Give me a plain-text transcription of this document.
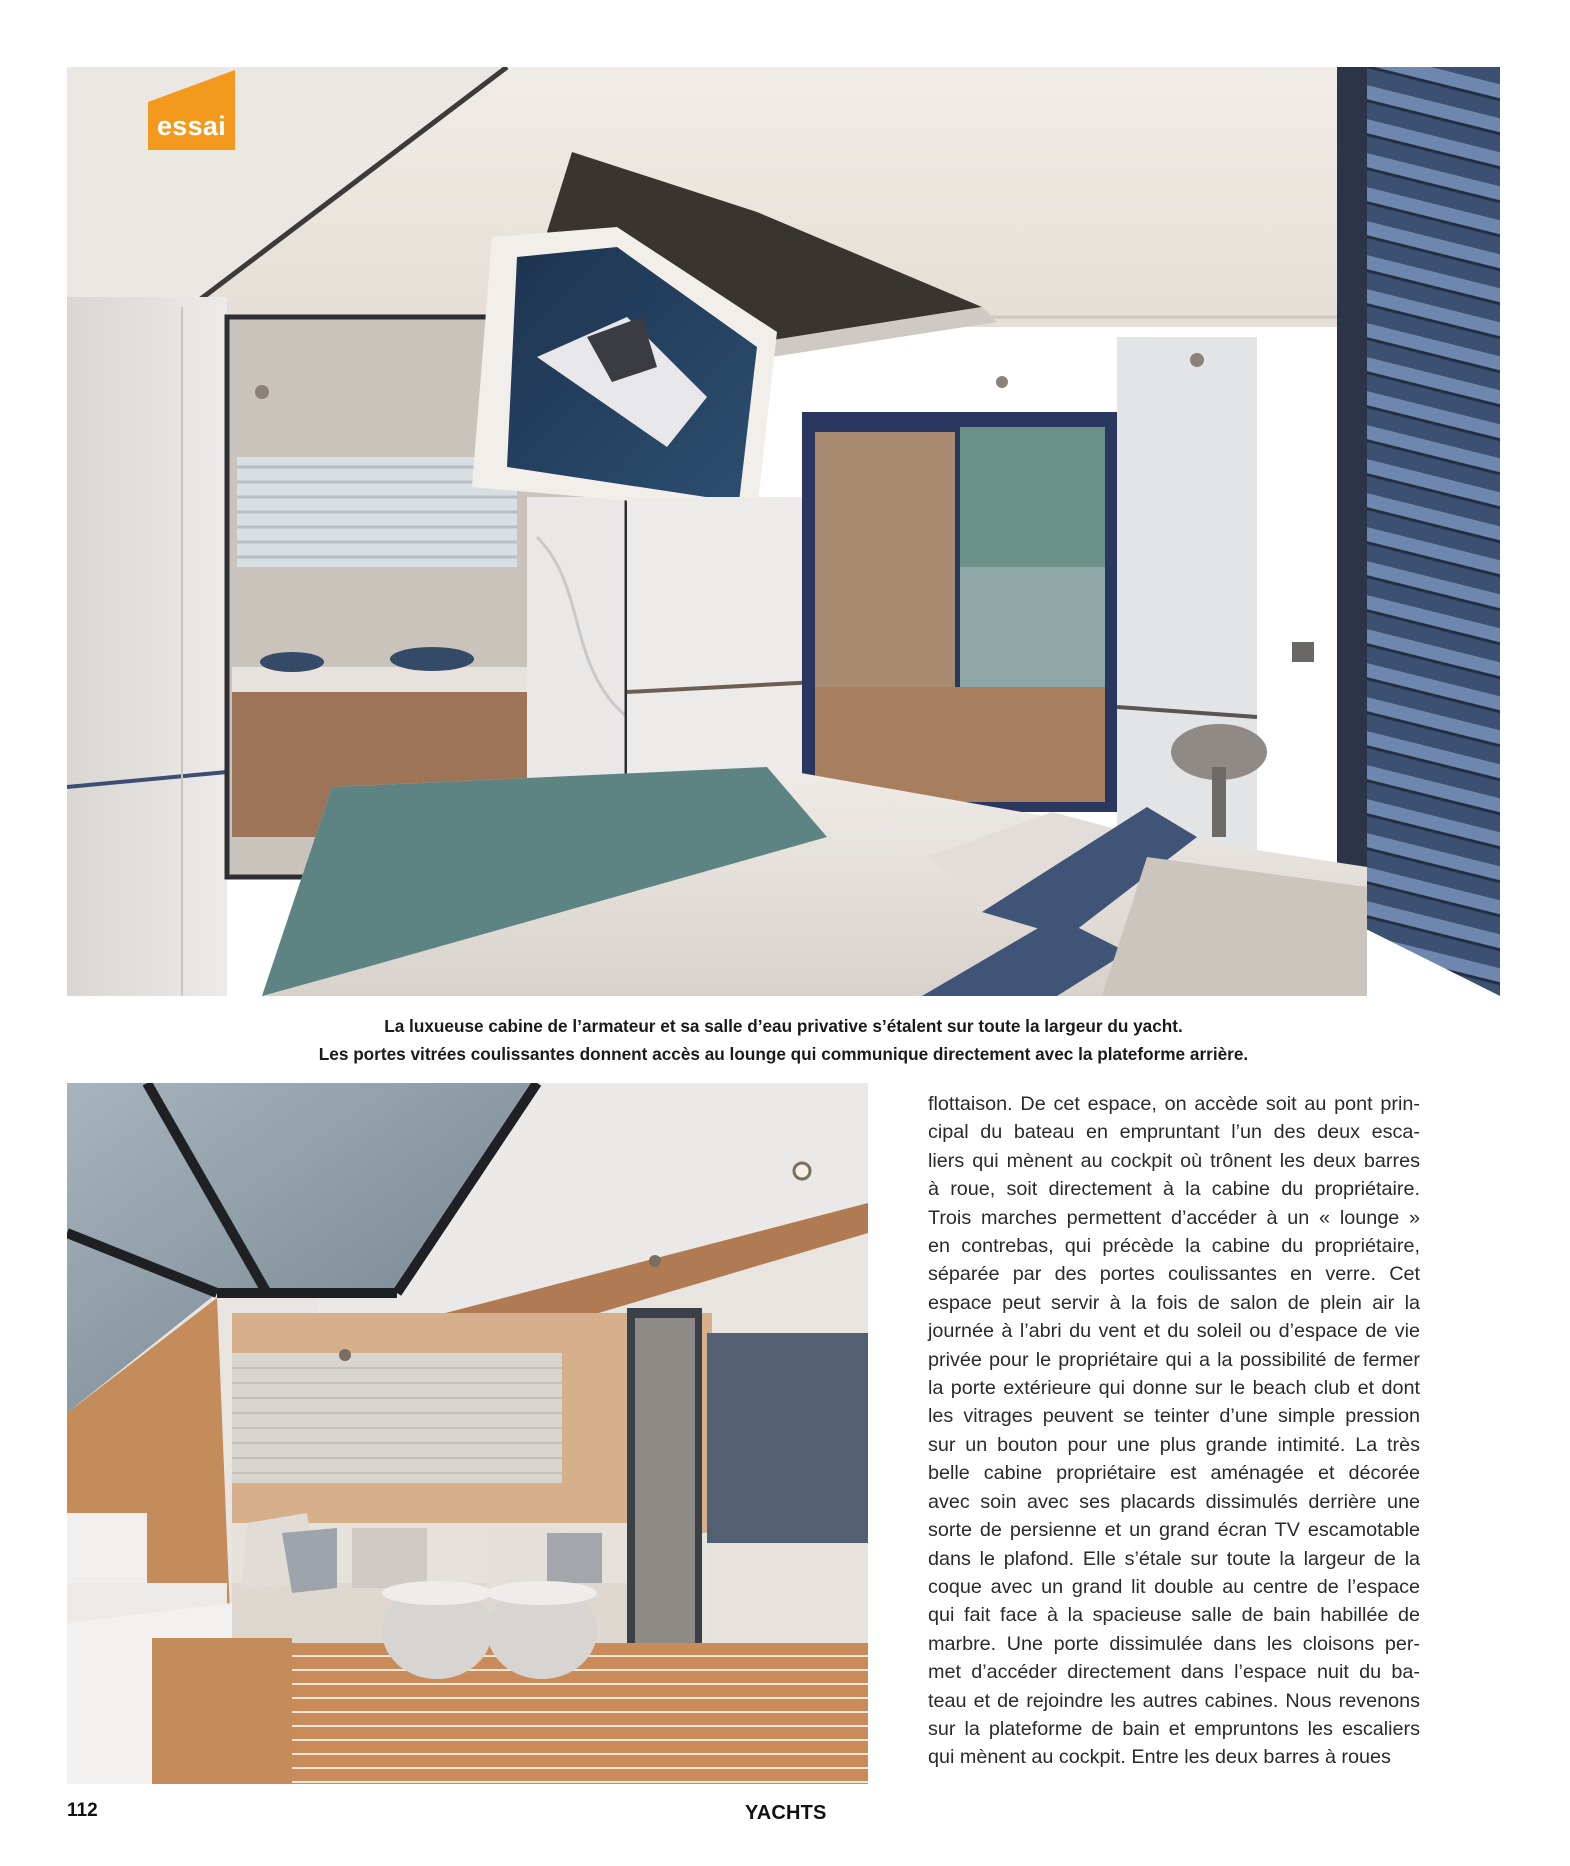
essai
La luxueuse cabine de l’armateur et sa salle d’eau privative s’étalent sur toute la largeur du yacht.
Les portes vitrées coulissantes donnent accès au lounge qui communique directement avec la plateforme arrière.
flottaison. De cet espace, on accède soit au pont prin-
cipal du bateau en empruntant l’un des deux esca-
liers qui mènent au cockpit où trônent les deux barres
à roue, soit directement à la cabine du propriétaire.
Trois marches permettent d’accéder à un « lounge »
en contrebas, qui précède la cabine du propriétaire,
séparée par des portes coulissantes en verre. Cet
espace peut servir à la fois de salon de plein air la
journée à l’abri du vent et du soleil ou d’espace de vie
privée pour le propriétaire qui a la possibilité de fermer
la porte extérieure qui donne sur le beach club et dont
les vitrages peuvent se teinter d’une simple pression
sur un bouton pour une plus grande intimité. La très
belle cabine propriétaire est aménagée et décorée
avec soin avec ses placards dissimulés derrière une
sorte de persienne et un grand écran TV escamotable
dans le plafond. Elle s’étale sur toute la largeur de la
coque avec un grand lit double au centre de l’espace
qui fait face à la spacieuse salle de bain habillée de
marbre. Une porte dissimulée dans les cloisons per-
met d’accéder directement dans l’espace nuit du ba-
teau et de rejoindre les autres cabines. Nous revenons
sur la plateforme de bain et empruntons les escaliers
qui mènent au cockpit. Entre les deux barres à roues
112	YACHTS
